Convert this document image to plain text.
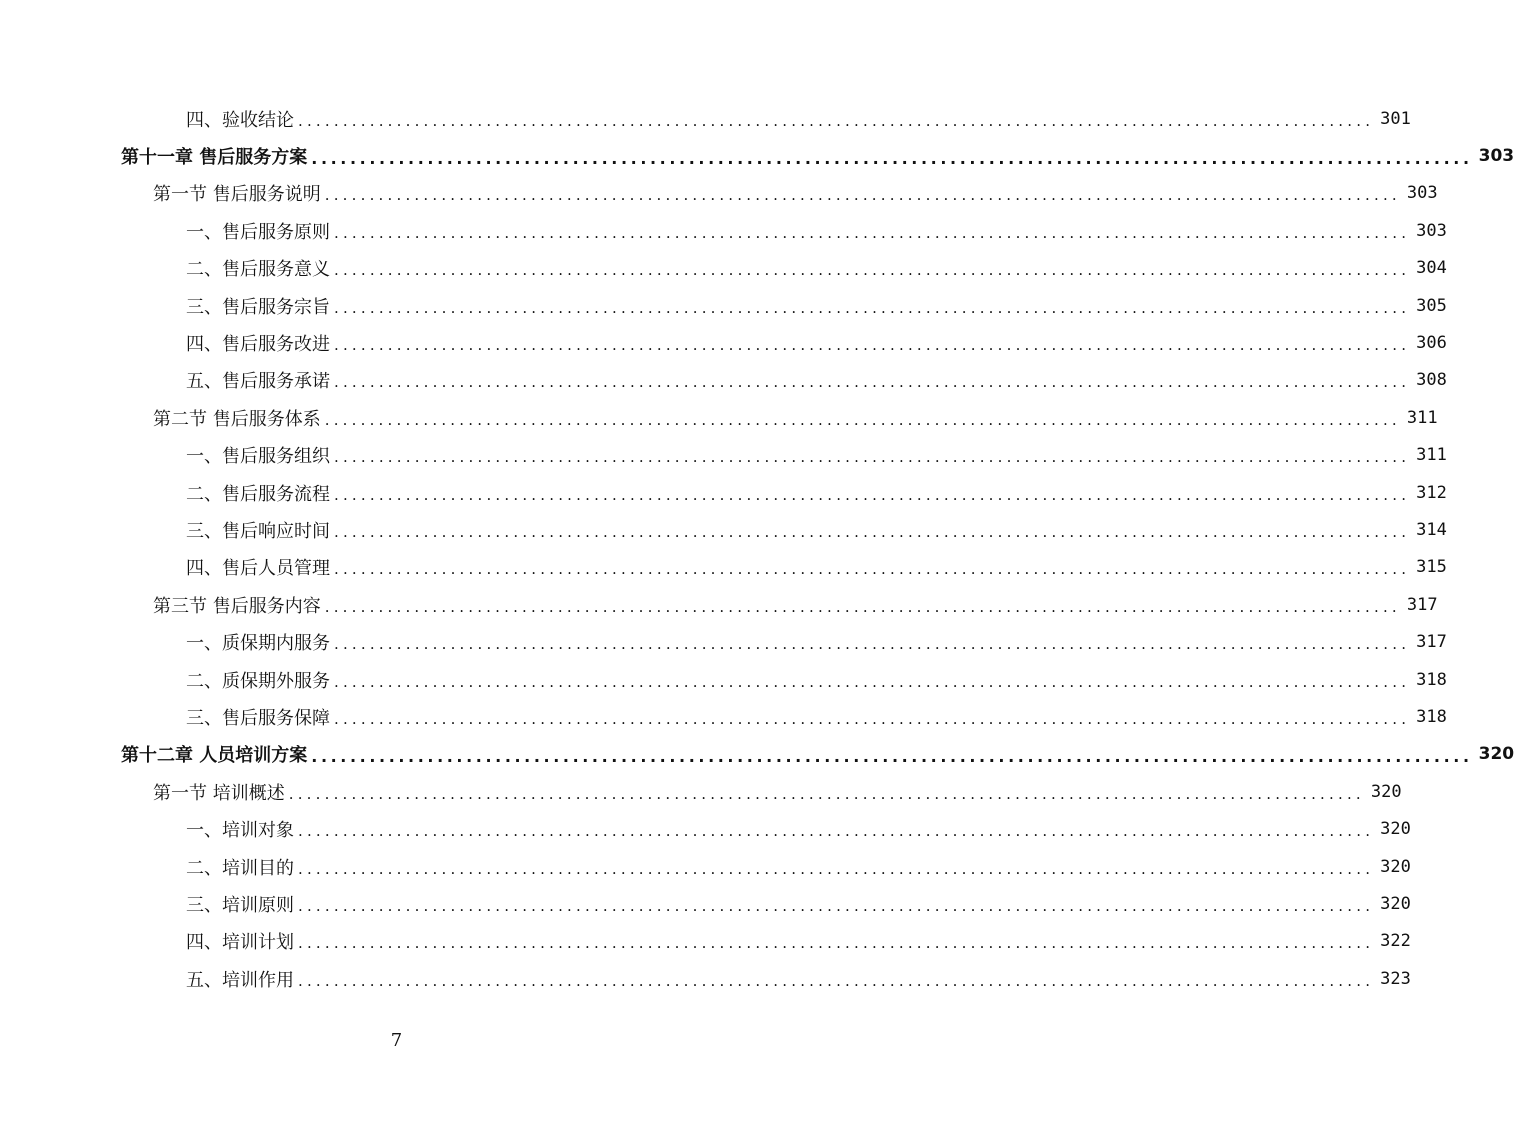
四、验收结论 ........................................................................................................................ 301
第十一章 售后服务方案 ........................................................................................................................ 303
第一节 售后服务说明 ........................................................................................................................ 303
一、售后服务原则 ........................................................................................................................ 303
二、售后服务意义 ........................................................................................................................ 304
三、售后服务宗旨 ........................................................................................................................ 305
四、售后服务改进 ........................................................................................................................ 306
五、售后服务承诺 ........................................................................................................................ 308
第二节 售后服务体系 ........................................................................................................................ 311
一、售后服务组织 ........................................................................................................................ 311
二、售后服务流程 ........................................................................................................................ 312
三、售后响应时间 ........................................................................................................................ 314
四、售后人员管理 ........................................................................................................................ 315
第三节 售后服务内容 ........................................................................................................................ 317
一、质保期内服务 ........................................................................................................................ 317
二、质保期外服务 ........................................................................................................................ 318
三、售后服务保障 ........................................................................................................................ 318
第十二章 人员培训方案 ........................................................................................................................ 320
第一节 培训概述 ........................................................................................................................ 320
一、培训对象 ........................................................................................................................ 320
二、培训目的 ........................................................................................................................ 320
三、培训原则 ........................................................................................................................ 320
四、培训计划 ........................................................................................................................ 322
五、培训作用 ........................................................................................................................ 323
7
